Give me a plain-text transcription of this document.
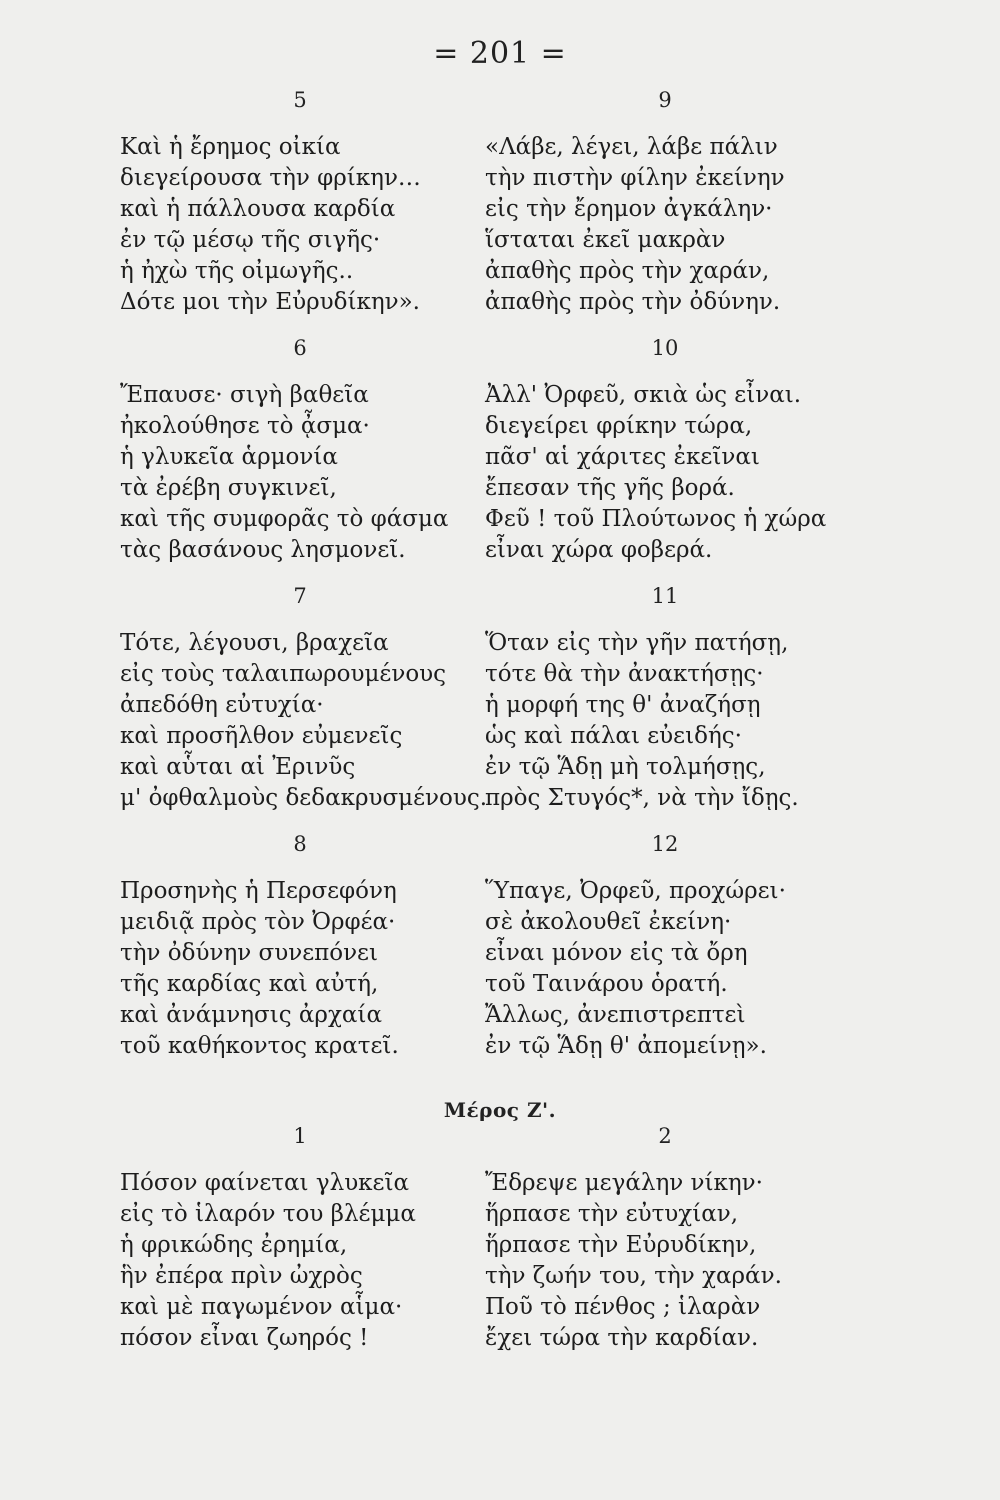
= 201 =
5
Καὶ ἡ ἔρημος οἰκία
διεγείρουσα τὴν φρίκην…
καὶ ἡ πάλλουσα καρδία
ἐν τῷ μέσῳ τῆς σιγῆς·
ἡ ἠχὼ τῆς οἰμωγῆς..
Δότε μοι τὴν Εὐρυδίκην».
9
«Λάβε, λέγει, λάβε πάλιν
τὴν πιστὴν φίλην ἐκείνην
εἰς τὴν ἔρημον ἀγκάλην·
ἵσταται ἐκεῖ μακρὰν
ἀπαθὴς πρὸς τὴν χαράν,
ἀπαθὴς πρὸς τὴν ὀδύνην.
6
Ἔπαυσε· σιγὴ βαθεῖα
ἠκολούθησε τὸ ᾆσμα·
ἡ γλυκεῖα ἁρμονία
τὰ ἐρέβη συγκινεῖ,
καὶ τῆς συμφορᾶς τὸ φάσμα
τὰς βασάνους λησμονεῖ.
10
Ἀλλ' Ὀρφεῦ, σκιὰ ὡς εἶναι.
διεγείρει φρίκην τώρα,
πᾶσ' αἱ χάριτες ἐκεῖναι
ἔπεσαν τῆς γῆς βορά.
Φεῦ ! τοῦ Πλούτωνος ἡ χώρα
εἶναι χώρα φοβερά.
7
Τότε, λέγουσι, βραχεῖα
εἰς τοὺς ταλαιπωρουμένους
ἀπεδόθη εὐτυχία·
καὶ προσῆλθον εὐμενεῖς
καὶ αὗται αἱ Ἐρινῦς
μ' ὀφθαλμοὺς δεδακρυσμένους.
11
Ὅταν εἰς τὴν γῆν πατήσῃ,
τότε θὰ τὴν ἀνακτήσῃς·
ἡ μορφή της θ' ἀναζήσῃ
ὡς καὶ πάλαι εὐειδής·
ἐν τῷ Ἅδῃ μὴ τολμήσῃς,
πρὸς Στυγός*, νὰ τὴν ἴδῃς.
8
Προσηνὴς ἡ Περσεφόνη
μειδιᾷ πρὸς τὸν Ὀρφέα·
τὴν ὀδύνην συνεπόνει
τῆς καρδίας καὶ αὐτή,
καὶ ἀνάμνησις ἀρχαία
τοῦ καθήκοντος κρατεῖ.
12
Ὕπαγε, Ὀρφεῦ, προχώρει·
σὲ ἀκολουθεῖ ἐκείνη·
εἶναι μόνον εἰς τὰ ὄρη
τοῦ Ταινάρου ὁρατή.
Ἄλλως, ἀνεπιστρεπτεὶ
ἐν τῷ Ἅδῃ θ' ἀπομείνῃ».
Μέρος Ζ'.
1
Πόσον φαίνεται γλυκεῖα
εἰς τὸ ἱλαρόν του βλέμμα
ἡ φρικώδης ἐρημία,
ἣν ἐπέρα πρὶν ὠχρὸς
καὶ μὲ παγωμένον αἷμα·
πόσον εἶναι ζωηρός !
2
Ἔδρεψε μεγάλην νίκην·
ἥρπασε τὴν εὐτυχίαν,
ἥρπασε τὴν Εὐρυδίκην,
τὴν ζωήν του, τὴν χαράν.
Ποῦ τὸ πένθος ; ἱλαρὰν
ἔχει τώρα τὴν καρδίαν.
